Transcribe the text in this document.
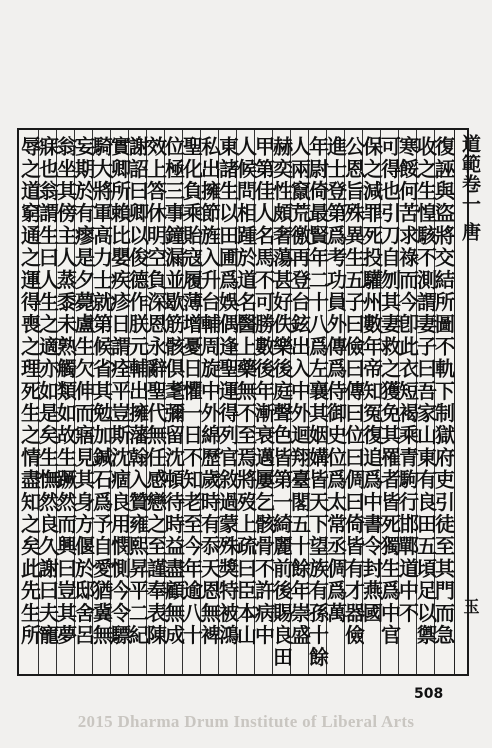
道範卷一 唐
玉
復誣與盜將交結所圖不軌下制獄府吏引徒至其門而急
收之生惶駭不測謂妻子曰吾家山東有良田五頃足以禦
寒餒何苦求祿而今卽此衣短褐乘青駒行邯鄲道中不
可得也引刀自刎其妻救之獲免其罹者皆死獨生爲中官
保之減罪死投驩州數年帝知冤復追爲中書令封燕國
公恩旨殊異生五子曰儉曰傳曰位曰倜曰倚皆有才器儉
進士登第爲考功員外傳爲侍御史位爲太常丞倜爲萬
年尉倚最賢年二十八爲左襄其姻媾皆天下望族有孫十餘
人兩竄荒徼再登台鉉出入中外迴翔臺閣五十餘年崇盛
赫奕性頗奢蕩甚好佚樂後庭聲色皆第一綺麗前後賜良田
甲第佳人名馬不可勝數後年漸衰邁屢乞骸骨不許病中
人候問相踵於道名醫上藥無不至焉將歿上疏曰臣本山
東諸生以田圃爲娛偶逢聖運得列官敘過蒙殊獎特被鴻
私出擁節旌入升台輔周旋中外綿歷歲時有忝天恩無裨
聖化負乘貽寇履薄增憂日懼一日不知老至今年逾八十
位極三事鐘漏並歇筋骸俱耄彌留沈頓待時益盡顧無成
效上答休明空負深恩永辭聖代無任感戀之至謹奉表陳
謝詔曰卿以俊德作朕元輔出擁藩翰入贊雍熙昇平二紀
實卿所賴比嬰疾疹日謂痊平豈斯沈痼良用憫惻今令驃
騎大將軍高力士就第候省其勉加鍼石爲予自愛猶冀無
妄期於有瘳是夕薨盧生欠伸而寤見其身方偃於邸舍呂
翁坐其傍主人蒸黍未熟觸類如故生蹶然而興曰豈其夢
寐也翁謂生曰人生之適亦如是矣生憮然良久謝曰夫寵
辱之道窮通之運得喪之理死生之情盡知之矣此先生所
508
2015 Dharma Drum Institute of Liberal Arts
